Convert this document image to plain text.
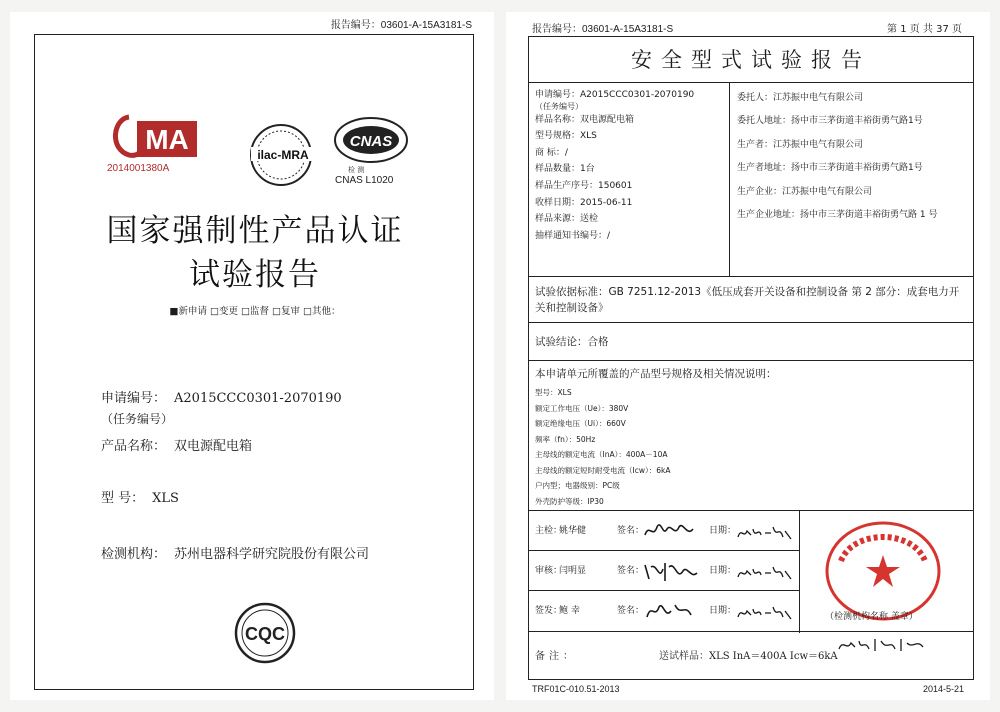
报告编号：03601-A-15A3181-S
MA
2014001380A
ilac-MRA
CNAS
检 测
CNAS L1020
国家强制性产品认证
试验报告
■新申请 □变更 □监督 □复审 □其他：
申请编号： A2015CCC0301-2070190
（任务编号）
产品名称： 双电源配电箱
型 号： XLS
检测机构： 苏州电器科学研究院股份有限公司
CQC
报告编号：03601-A-15A3181-S	第 1 页 共 37 页
安全型式试验报告
申请编号：A2015CCC0301-2070190
（任务编号）
样品名称：双电源配电箱
型号规格：XLS
商 标：/
样品数量：1台
样品生产序号：150601
收样日期：2015-06-11
样品来源：送检
抽样通知书编号：/
委托人：江苏振中电气有限公司
委托人地址：扬中市三茅街道丰裕街勇气路1号
生产者：江苏振中电气有限公司
生产者地址：扬中市三茅街道丰裕街勇气路1号
生产企业：江苏振中电气有限公司
生产企业地址：扬中市三茅街道丰裕街勇气路 1 号
试验依据标准：GB 7251.12-2013《低压成套开关设备和控制设备 第 2 部分：成套电力开关和控制设备》
试验结论：合格
本申请单元所覆盖的产品型号规格及相关情况说明：
型号：XLS
额定工作电压（Ue）：380V
额定绝缘电压（Ui）：660V
频率（fn）：50Hz
主母线的额定电流（InA）：400A－10A
主母线的额定短时耐受电流（Icw）：6kA
户内型；电器级别：PC级
外壳防护等级：IP30
主检：
姚华健	签名：	日期：
审核：
闫明显	签名：	日期：
签发：
鲍 幸	签名：	日期：
（检测机构名称 盖章）
备注：	送试样品：XLS InA＝400A Icw＝6kA
TRF01C-010.51-2013	2014-5-21
